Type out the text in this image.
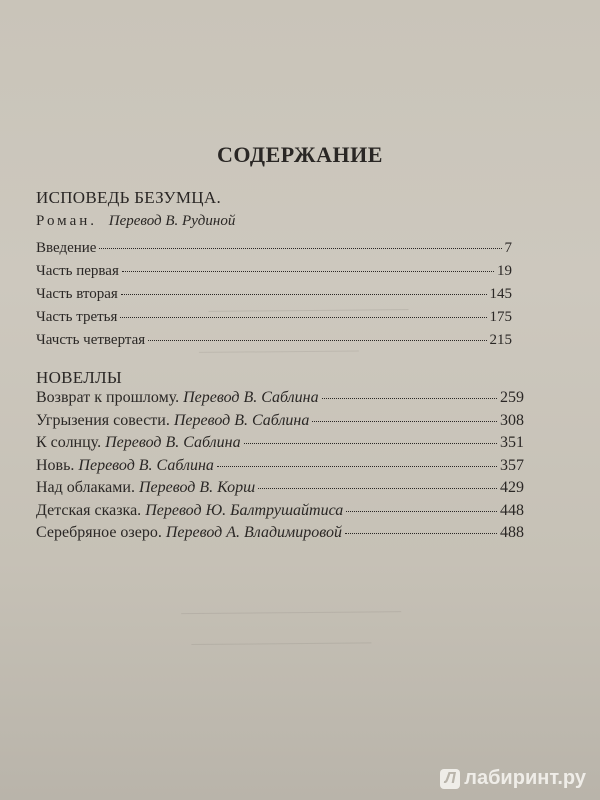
СОДЕРЖАНИЕ
ИСПОВЕДЬ БЕЗУМЦА.
Роман. Перевод В. Рудиной
Введение	7
Часть первая	19
Часть вторая	145
Часть третья	175
Чачсть четвертая	215
НОВЕЛЛЫ
Возврат к прошлому. Перевод В. Саблина	259
Угрызения совести. Перевод В. Саблина	308
К солнцу. Перевод В. Саблина	351
Новь. Перевод В. Саблина	357
Над облаками. Перевод В. Корш	429
Детская сказка. Перевод Ю. Балтрушайтиса	448
Серебряное озеро. Перевод А. Владимировой	488
Л лабиринт.ру
